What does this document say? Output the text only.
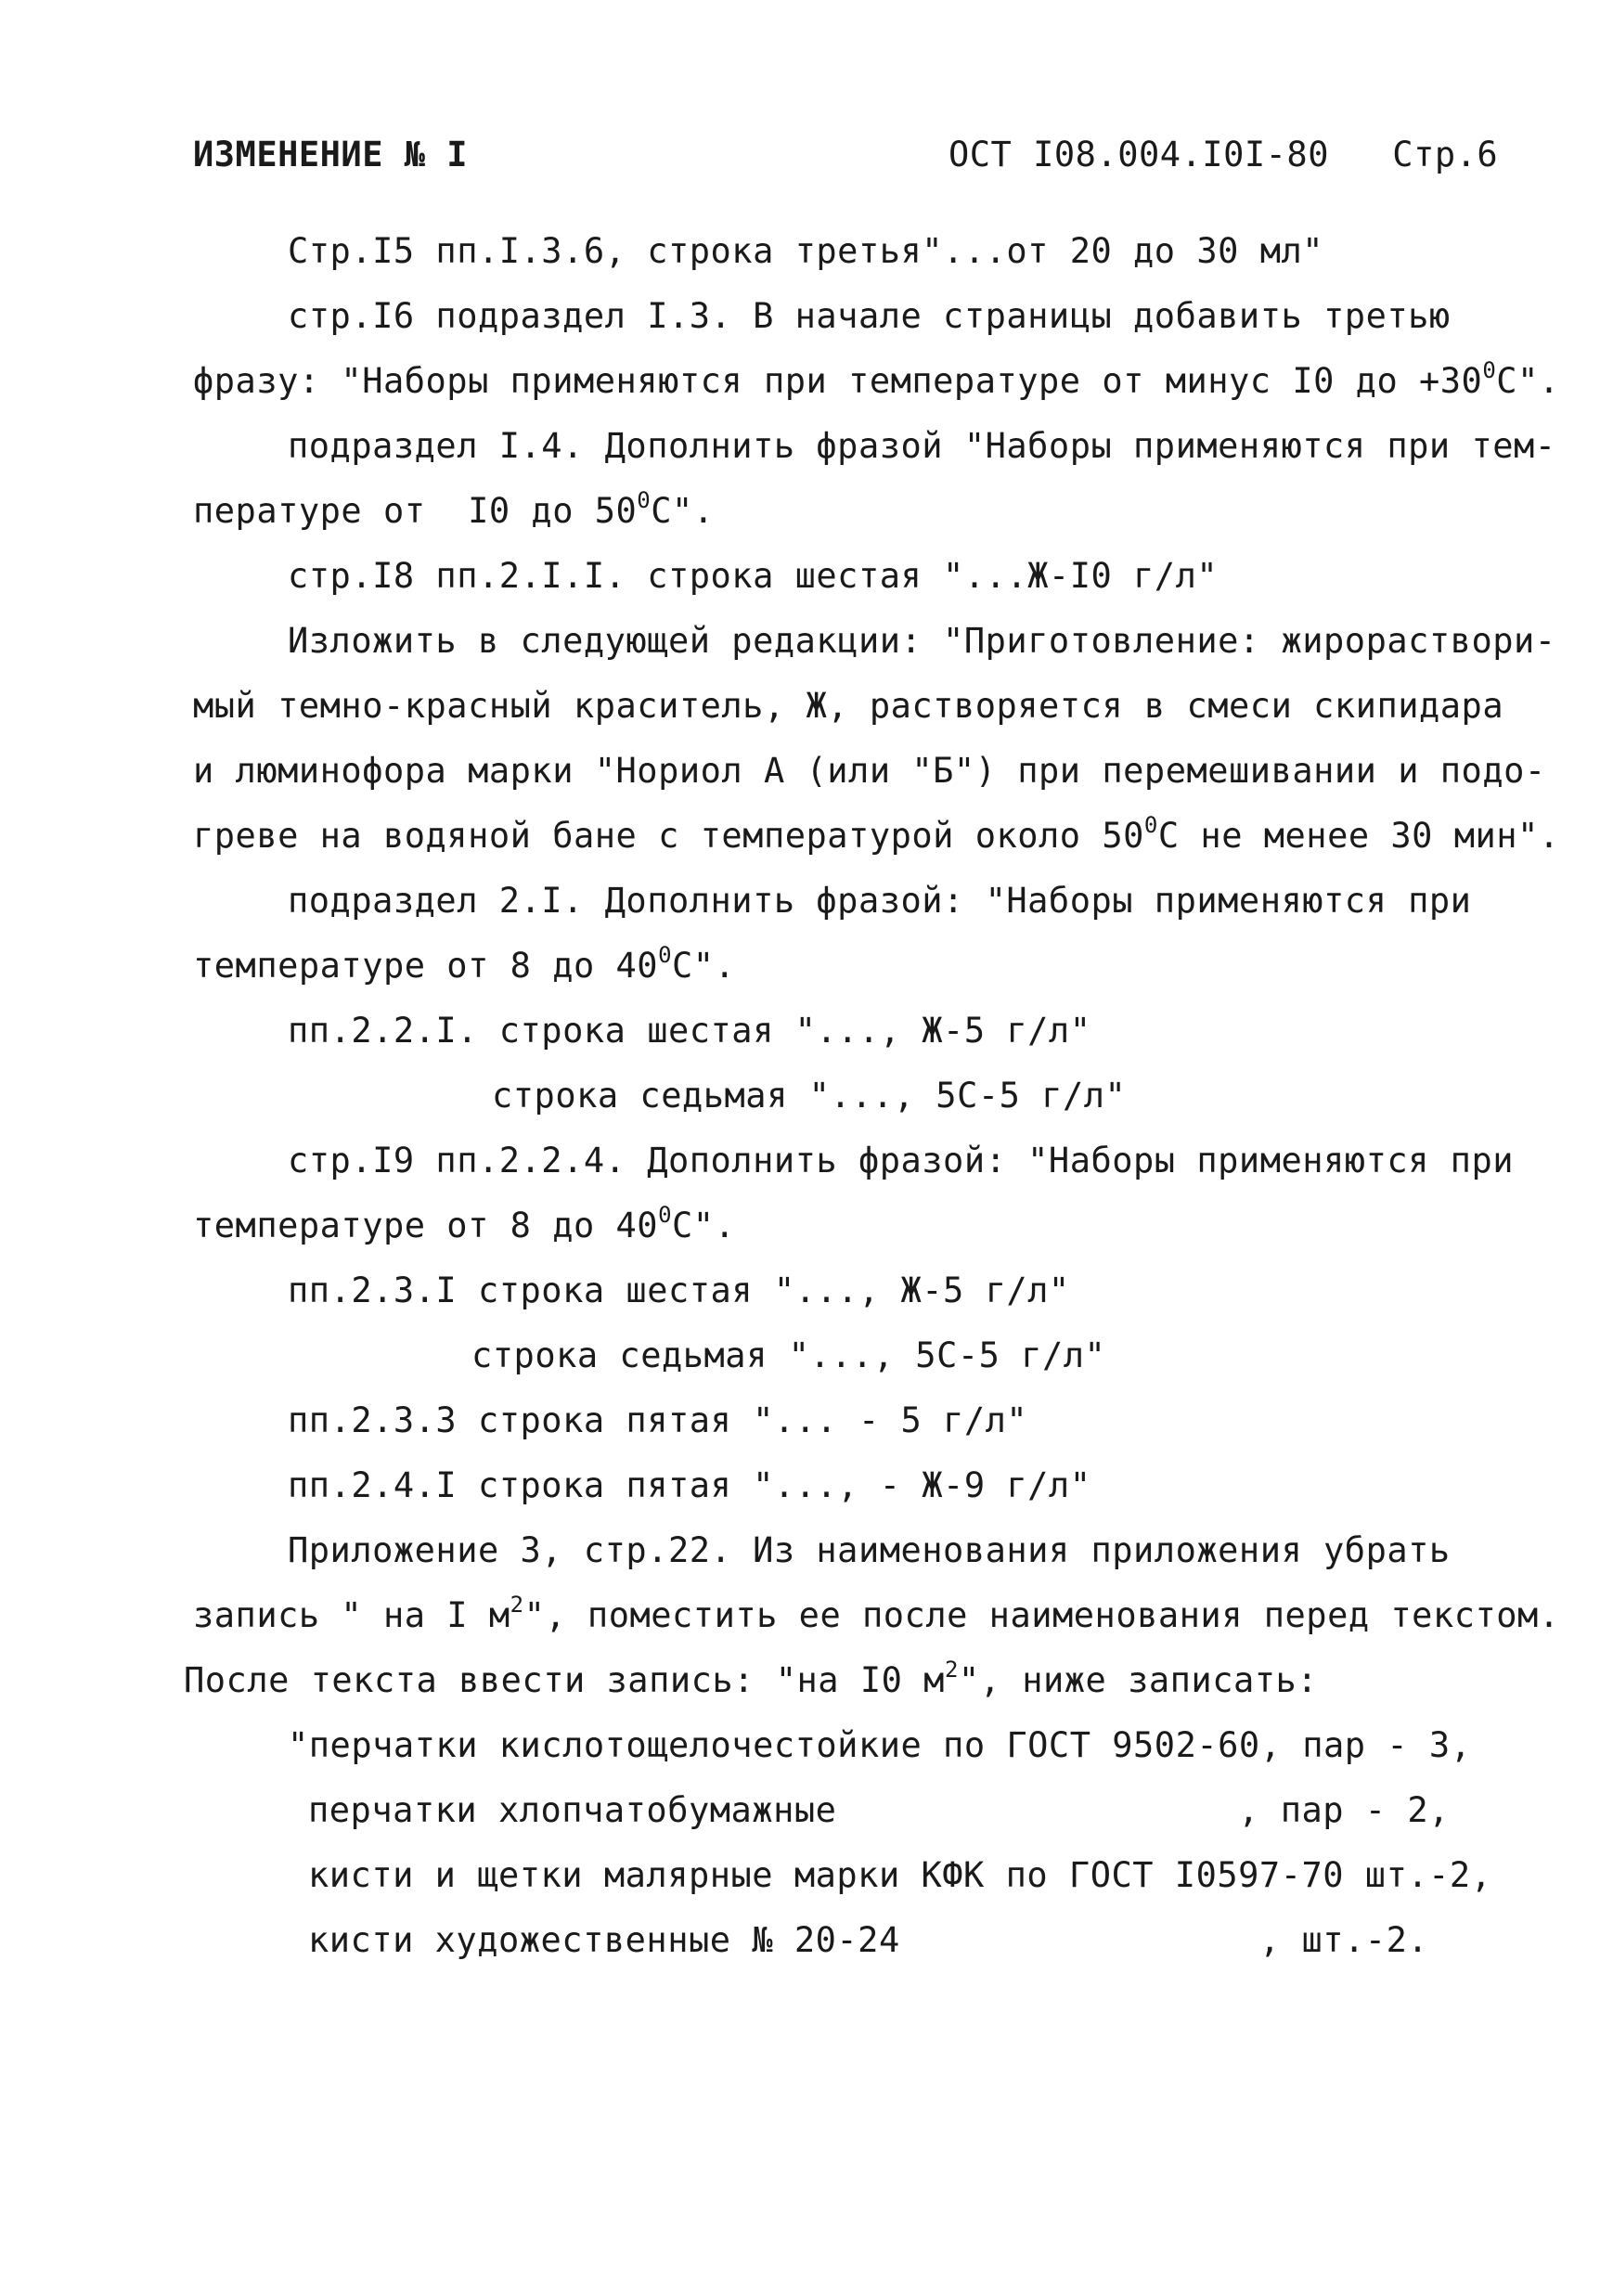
ИЗМЕНЕНИЕ № I	ОСТ I08.004.I0I-80 Стр.6
Стр.I5 пп.I.3.6, строка третья"...от 20 до 30 мл"
стр.I6 подраздел I.3. В начале страницы добавить третью
фразу: "Наборы применяются при температуре от минус I0 до $+30^0С$".
подраздел I.4. Дополнить фразой "Наборы применяются при тем-
пературе от  I0 до $50^0С$".
стр.I8 пп.2.I.I. строка шестая "...Ж-I0 г/л"
Изложить в следующей редакции: "Приготовление: жирораствори-
мый темно-красный краситель, Ж, растворяется в смеси скипидара
и люминофора марки "Нориол А (или "Б") при перемешивании и подо-
греве на водяной бане с температурой около $50^0С$ не менее 30 мин".
подраздел 2.I. Дополнить фразой: "Наборы применяются при
температуре от 8 до $40^0С$".
пп.2.2.I. строка шестая "..., Ж-5 г/л"
строка седьмая "..., 5С-5 г/л"
стр.I9 пп.2.2.4. Дополнить фразой: "Наборы применяются при
температуре от 8 до $40^0С$".
пп.2.3.I строка шестая "..., Ж-5 г/л"
строка седьмая "..., 5С-5 г/л"
пп.2.3.3 строка пятая "... - 5 г/л"
пп.2.4.I строка пятая "..., - Ж-9 г/л"
Приложение 3, стр.22. Из наименования приложения убрать
запись " на I $м^2$", поместить ее после наименования перед текстом.
После текста ввести запись: "на I0 $м^2$", ниже записать:
"перчатки кислотощелочестойкие по ГОСТ 9502-60, пар - 3,
перчатки хлопчатобумажные                   , пар - 2,
кисти и щетки малярные марки КФК по ГОСТ I0597-70 шт.-2,
кисти художественные № 20-24                 , шт.-2.
